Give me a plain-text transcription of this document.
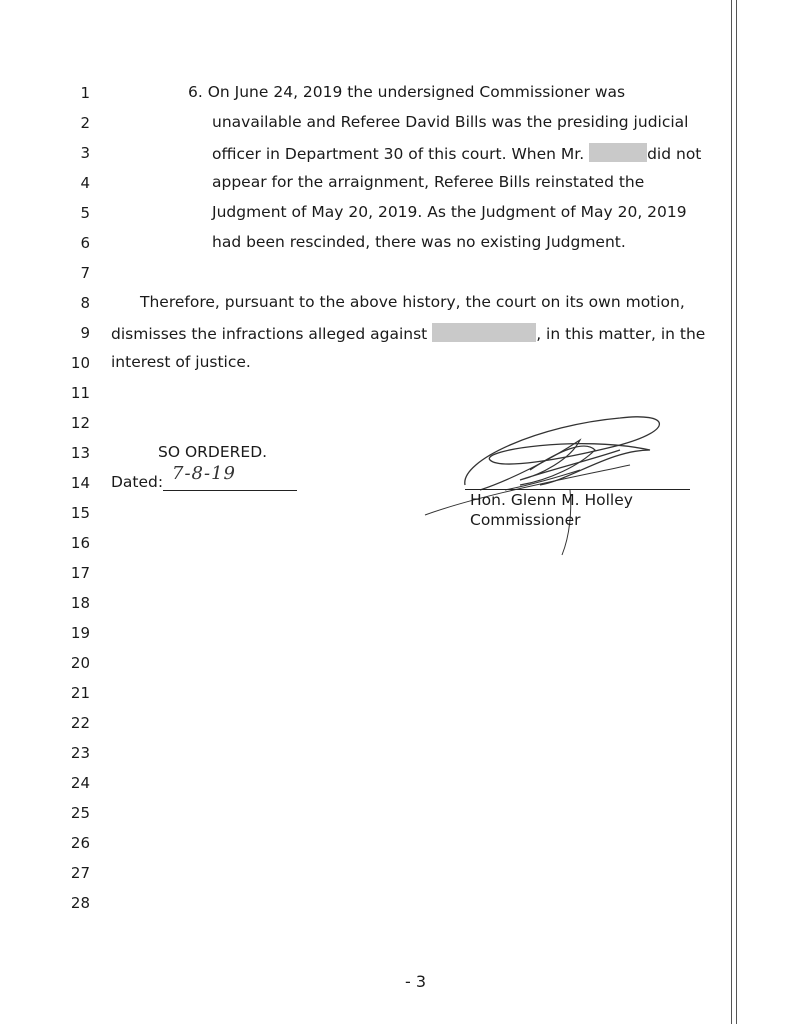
1
2
3
4
5
6
7
8
9
10
11
12
13
14
15
16
17
18
19
20
21
22
23
24
25
26
27
28
6. On June 24, 2019 the undersigned Commissioner was
unavailable and Referee David Bills was the presiding judicial
officer in Department 30 of this court. When Mr.	did not
appear for the arraignment, Referee Bills reinstated the
Judgment of May 20, 2019. As the Judgment of May 20, 2019
had been rescinded, there was no existing Judgment.
Therefore, pursuant to the above history, the court on its own motion,
dismisses the infractions alleged against	, in this matter, in the
interest of justice.
SO ORDERED.
Dated: 7-8-19
Hon. Glenn M. Holley
Commissioner
- 3
